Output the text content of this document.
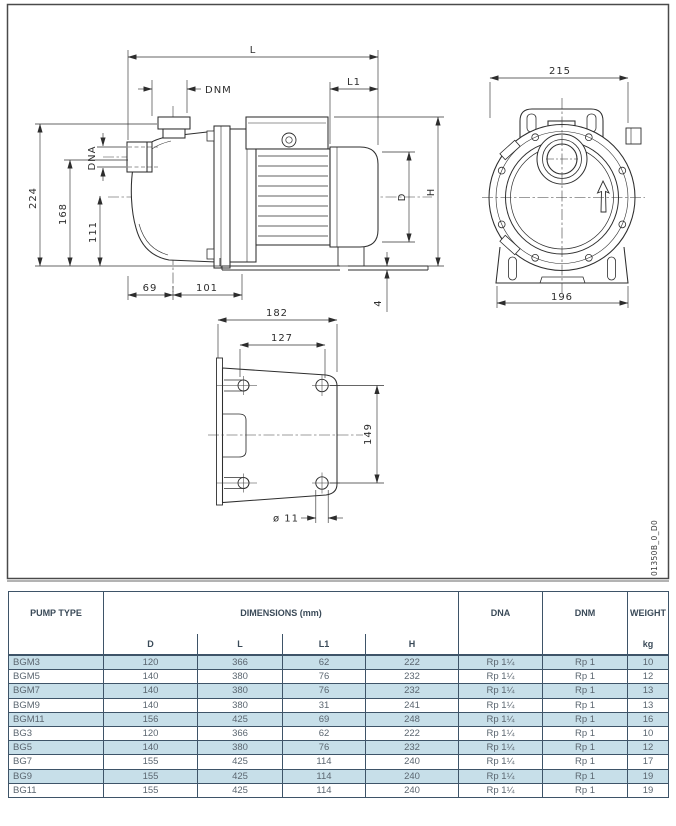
L
DNM
L1
224
168
111
DNA
69	101
D
H
4
215
196
182
127
149
ø 11
01350B_0_D0
PUMP TYPE	DIMENSIONS (mm)				DNA	DNM	WEIGHT
	D	L	L1	H			kg
BGM3	120	366	62	222	Rp 1¼	Rp 1	10
BGM5	140	380	76	232	Rp 1¼	Rp 1	12
BGM7	140	380	76	232	Rp 1¼	Rp 1	13
BGM9	140	380	31	241	Rp 1¼	Rp 1	13
BGM11	156	425	69	248	Rp 1¼	Rp 1	16
BG3	120	366	62	222	Rp 1¼	Rp 1	10
BG5	140	380	76	232	Rp 1¼	Rp 1	12
BG7	155	425	114	240	Rp 1¼	Rp 1	17
BG9	155	425	114	240	Rp 1¼	Rp 1	19
BG11	155	425	114	240	Rp 1¼	Rp 1	19
